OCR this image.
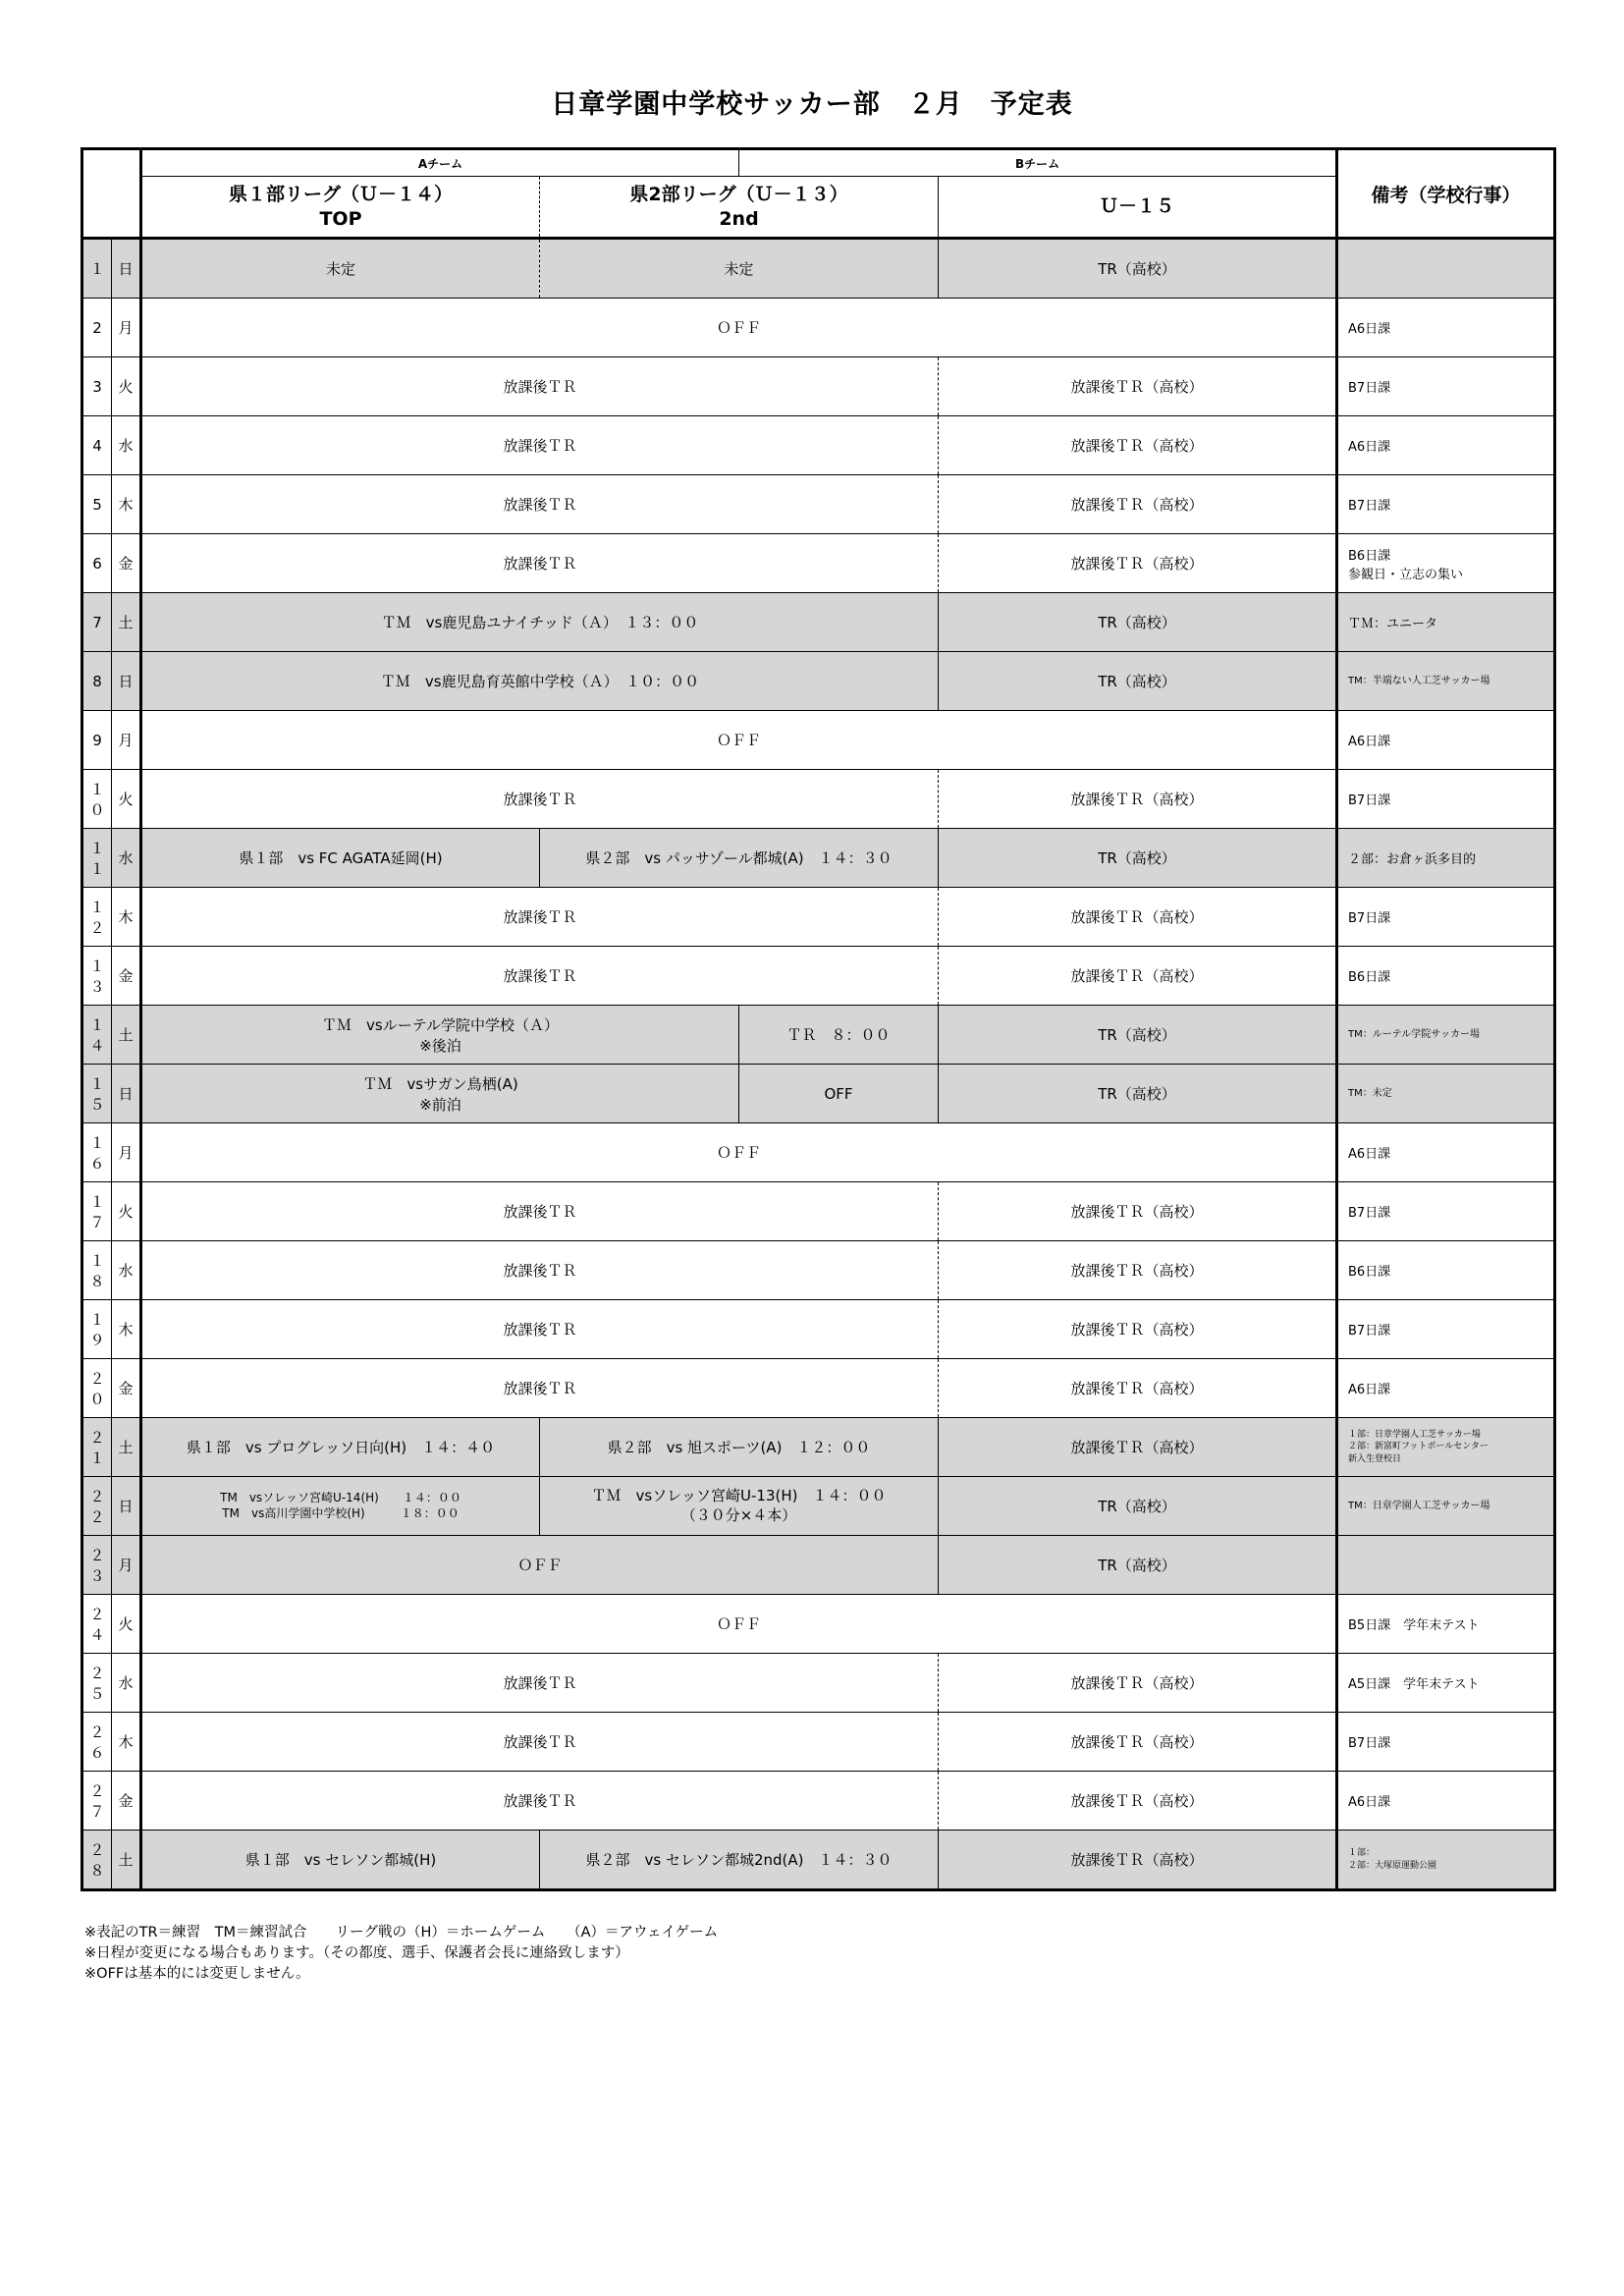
日章学園中学校サッカー部　２月　予定表
		Aチーム		Bチーム		備考（学校行事）

		県１部リーグ（Ｕ－１４）
TOP	県2部リーグ（Ｕ－１３）
2nd		Ｕ－１５	
１	日	未定	未定		TR（高校）	
2	月	ＯＦＦ				A6日課
3	火	放課後ＴＲ			放課後ＴＲ（高校）	B7日課
4	水	放課後ＴＲ			放課後ＴＲ（高校）	A6日課
5	木	放課後ＴＲ			放課後ＴＲ（高校）	B7日課
6	金	放課後ＴＲ			放課後ＴＲ（高校）	B6日課
参観日・立志の集い

7	土	ＴＭ　vs鹿児島ユナイチッド（Ａ）　１３：００			TR（高校）	ＴＭ：ユニータ
8	日	ＴＭ　vs鹿児島育英館中学校（Ａ）　１０：００			TR（高校）	TM：半端ない人工芝サッカー場
9	月	ＯＦＦ				A6日課
１０	火	放課後ＴＲ			放課後ＴＲ（高校）	B7日課
１１	水	県１部　vs FC AGATA延岡(H)	県２部　vs パッサゾール都城(A)　１４：３０		TR（高校）	２部：お倉ヶ浜多目的
１２	木	放課後ＴＲ			放課後ＴＲ（高校）	B7日課
１３	金	放課後ＴＲ			放課後ＴＲ（高校）	B6日課
１４	土	ＴＭ　vsルーテル学院中学校（Ａ）
※後泊		ＴＲ　８：００	TR（高校）	TM：ルーテル学院サッカー場
１５	日	ＴＭ　vsサガン鳥栖(A)
※前泊		OFF	TR（高校）	TM：未定
１６	月	ＯＦＦ				A6日課
１７	火	放課後ＴＲ			放課後ＴＲ（高校）	B7日課
１８	水	放課後ＴＲ			放課後ＴＲ（高校）	B6日課
１９	木	放課後ＴＲ			放課後ＴＲ（高校）	B7日課
２０	金	放課後ＴＲ			放課後ＴＲ（高校）	A6日課
２１	土	県１部　vs プログレッソ日向(H)　１４：４０	県２部　vs 旭スポーツ(A)　１２：００		放課後ＴＲ（高校）	１部：日章学園人工芝サッカー場
２部：新富町フットボールセンター
新入生登校日

２２	日	TM　vsソレッソ宮崎U-14(H)　　１４：００
TM　vs高川学園中学校(H)　　　１８：００	ＴＭ　vsソレッソ宮崎U-13(H)　１４：００
（３０分×４本）		TR（高校）	TM：日章学園人工芝サッカー場
２３	月	ＯＦＦ			TR（高校）	
２４	火	ＯＦＦ				B5日課　学年末テスト
２５	水	放課後ＴＲ			放課後ＴＲ（高校）	A5日課　学年末テスト
２６	木	放課後ＴＲ			放課後ＴＲ（高校）	B7日課
２７	金	放課後ＴＲ			放課後ＴＲ（高校）	A6日課
２８	土	県１部　vs セレソン都城(H)	県２部　vs セレソン都城2nd(A)　１４：３０		放課後ＴＲ（高校）	１部：
２部：大塚原運動公園
※表記のTR＝練習　TM＝練習試合　　リーグ戦の（H）＝ホームゲーム　　（A）＝アウェイゲーム
※日程が変更になる場合もあります。（その都度、選手、保護者会長に連絡致します）
※OFFは基本的には変更しません。
